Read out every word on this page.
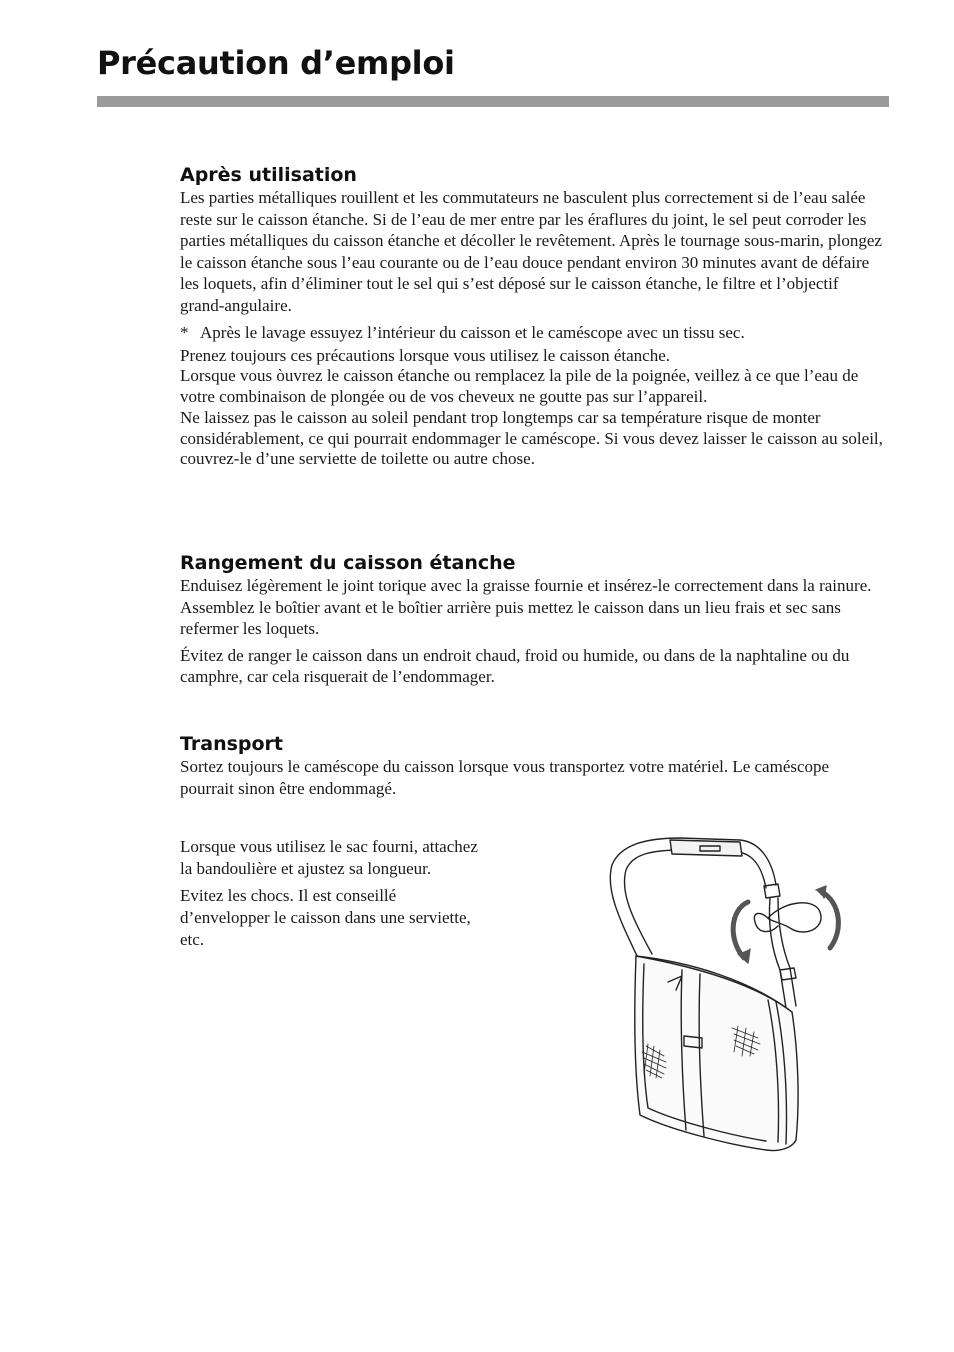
Précaution d’emploi
Après utilisation

Les parties métalliques rouillent et les commutateurs ne basculent plus correctement si de l’eau salée reste sur le caisson étanche. Si de l’eau de mer entre par les éraflures du joint, le sel peut corroder les parties métalliques du caisson étanche et décoller le revêtement. Après le tournage sous-marin, plongez le caisson étanche sous l’eau courante ou de l’eau douce pendant environ 30 minutes avant de défaire les loquets, afin d’éliminer tout le sel qui s’est déposé sur le caisson étanche, le filtre et l’objectif grand-angulaire.

* Après le lavage essuyez l’intérieur du caisson et le caméscope avec un tissu sec.

Prenez toujours ces précautions lorsque vous utilisez le caisson étanche.

Lorsque vous òuvrez le caisson étanche ou remplacez la pile de la poignée, veillez à ce que l’eau de votre combinaison de plongée ou de vos cheveux ne goutte pas sur l’appareil.

Ne laissez pas le caisson au soleil pendant trop longtemps car sa température risque de monter considérablement, ce qui pourrait endommager le caméscope. Si vous devez laisser le caisson au soleil, couvrez-le d’une serviette de toilette ou autre chose.

Rangement du caisson étanche

Enduisez légèrement le joint torique avec la graisse fournie et insérez-le correctement dans la rainure. Assemblez le boîtier avant et le boîtier arrière puis mettez le caisson dans un lieu frais et sec sans refermer les loquets.

Évitez de ranger le caisson dans un endroit chaud, froid ou humide, ou dans de la naphtaline ou du camphre, car cela risquerait de l’endommager.

Transport

Sortez toujours le caméscope du caisson lorsque vous transportez votre matériel. Le caméscope pourrait sinon être endommagé.

Lorsque vous utilisez le sac fourni, attachez la bandoulière et ajustez sa longueur.

Evitez les chocs. Il est conseillé d’envelopper le caisson dans une serviette, etc.
